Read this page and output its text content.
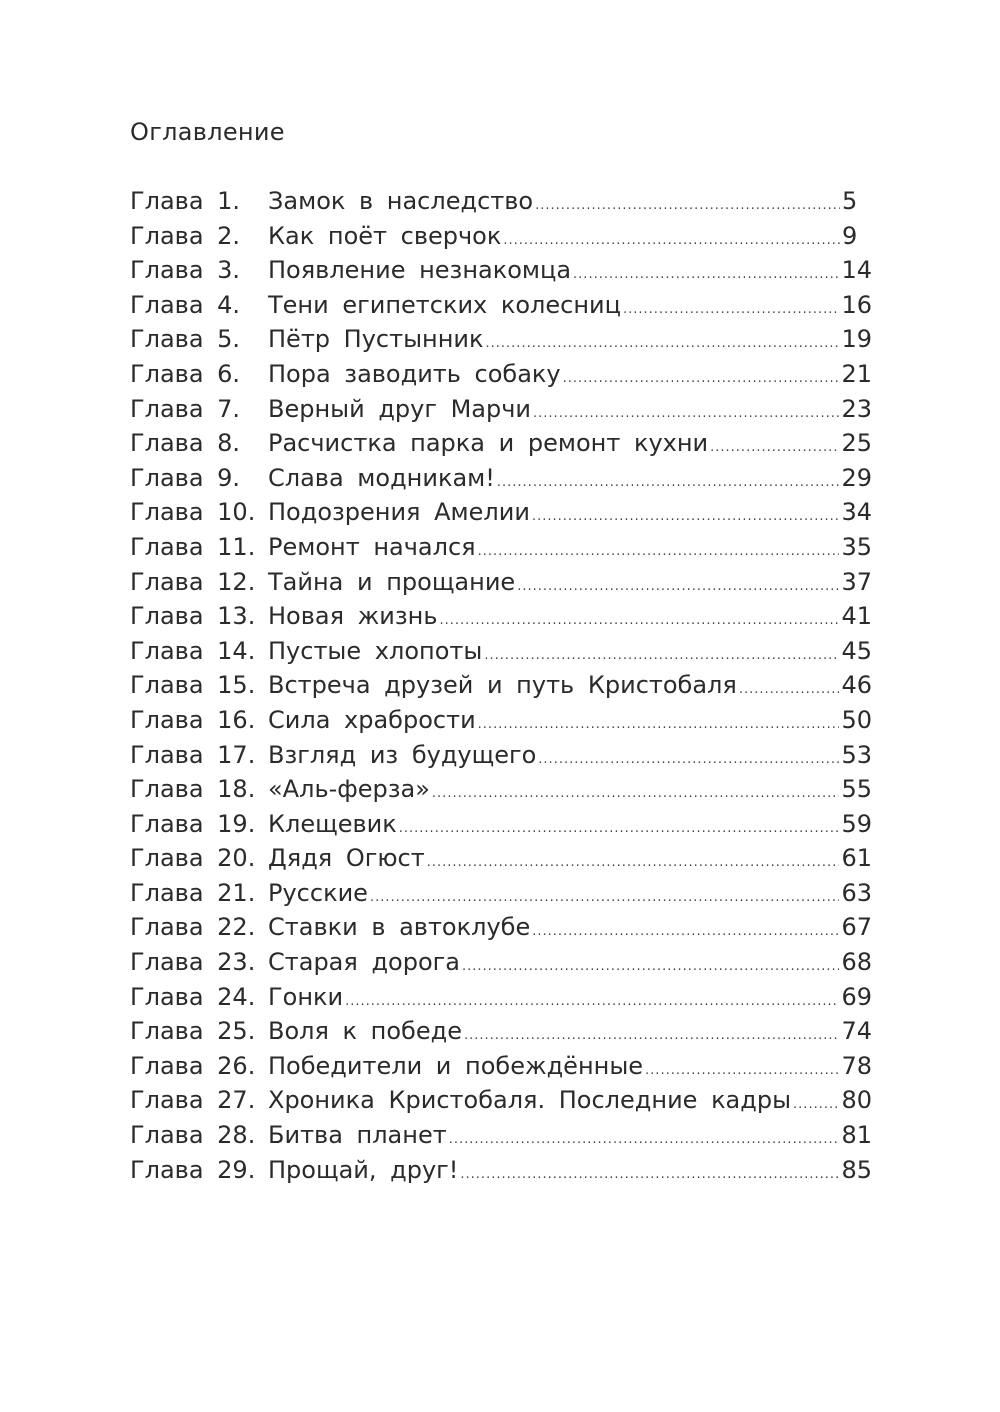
Оглавление
Глава 1.	Замок в наследство .....	5
Глава 2.	Как поёт сверчок .....	9
Глава 3.	Появление незнакомца .....	14
Глава 4.	Тени египетских колесниц .....	16
Глава 5.	Пётр Пустынник .....	19
Глава 6.	Пора заводить собаку .....	21
Глава 7.	Верный друг Марчи .....	23
Глава 8.	Расчистка парка и ремонт кухни .....	25
Глава 9.	Слава модникам! .....	29
Глава 10. Подозрения Амелии .....	34
Глава 11. Ремонт начался .....	35
Глава 12. Тайна и прощание .....	37
Глава 13. Новая жизнь .....	41
Глава 14. Пустые хлопоты .....	45
Глава 15. Встреча друзей и путь Кристобаля .....	46
Глава 16. Сила храбрости .....	50
Глава 17. Взгляд из будущего .....	53
Глава 18. «Аль-ферза» .....	55
Глава 19. Клещевик .....	59
Глава 20. Дядя Огюст .....	61
Глава 21. Русские .....	63
Глава 22. Ставки в автоклубе .....	67
Глава 23. Старая дорога .....	68
Глава 24. Гонки .....	69
Глава 25. Воля к победе .....	74
Глава 26. Победители и побеждённые .....	78
Глава 27. Хроника Кристобаля. Последние кадры ..... 80
Глава 28. Битва планет .....	81
Глава 29. Прощай, друг! .....	85
